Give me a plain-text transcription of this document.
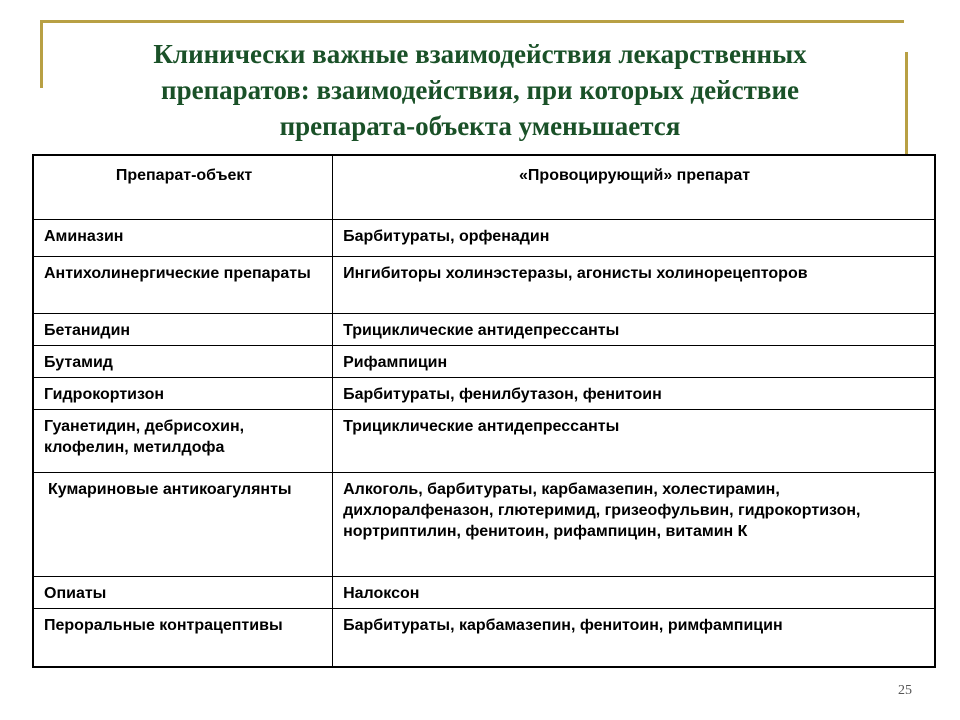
Клинически важные взаимодействия лекарственных
препаратов: взаимодействия, при которых действие
препарата-объекта уменьшается
Препарат-объект	«Провоцирующий» препарат
Аминазин	Барбитураты, орфенадин
Антихолинергические препараты	Ингибиторы холинэстеразы, агонисты холинорецепторов
Бетанидин	Трициклические антидепрессанты
Бутамид	Рифампицин
Гидрокортизон	Барбитураты, фенилбутазон, фенитоин
Гуанетидин, дебрисохин, клофелин, метилдофа	Трициклические антидепрессанты
Кумариновые антикоагулянты	Алкоголь, барбитураты, карбамазепин, холестирамин, дихлоралфеназон, глютеримид, гризеофульвин, гидрокортизон, нортриптилин, фенитоин, рифампицин, витамин К
Опиаты	Налоксон
Пероральные контрацептивы	Барбитураты, карбамазепин, фенитоин, римфампицин
25
